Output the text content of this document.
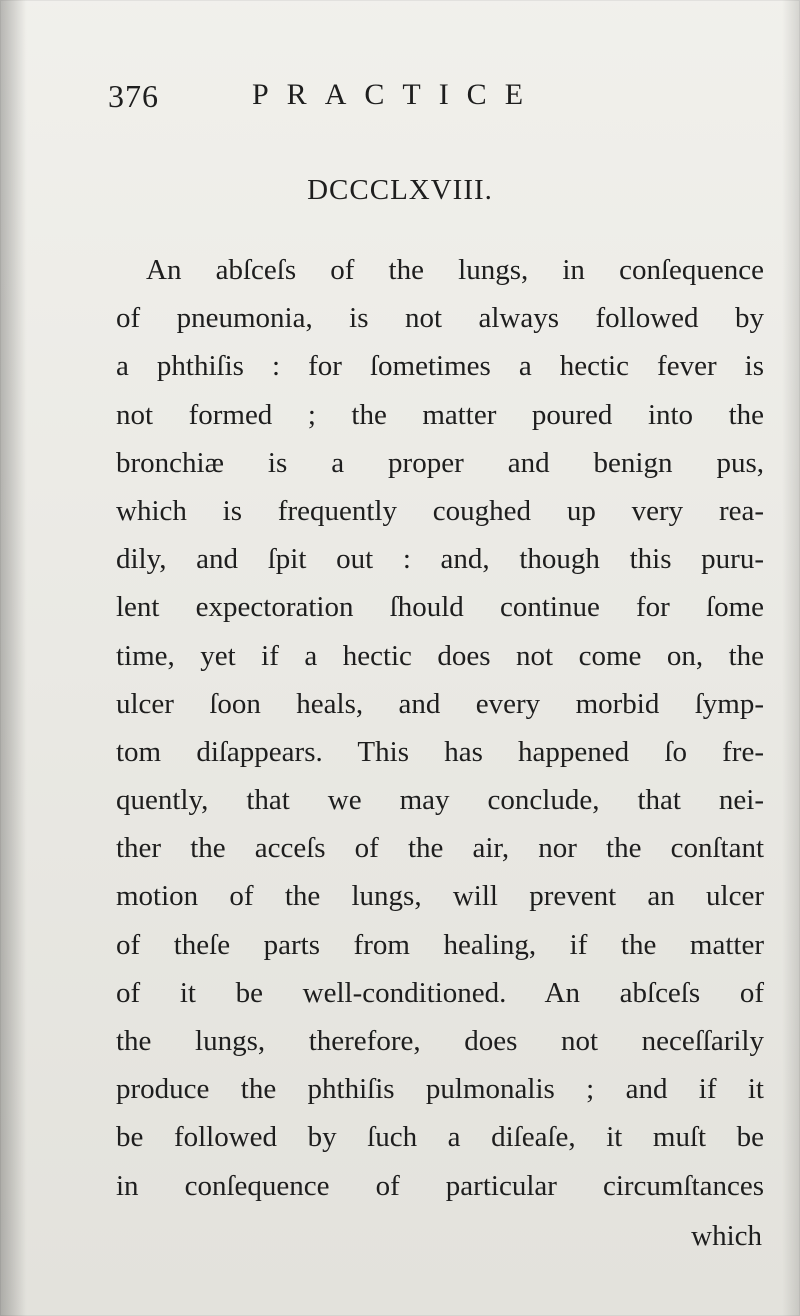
376	PRACTICE
DCCCLXVIII.
An abſceſs of the lungs, in conſequence
of pneumonia, is not always followed by
a phthiſis : for ſometimes a hectic fever is
not formed ; the matter poured into the
bronchiæ is a proper and benign pus,
which is frequently coughed up very rea-
dily, and ſpit out : and, though this puru-
lent expectoration ſhould continue for ſome
time, yet if a hectic does not come on, the
ulcer ſoon heals, and every morbid ſymp-
tom diſappears. This has happened ſo fre-
quently, that we may conclude, that nei-
ther the acceſs of the air, nor the conſtant
motion of the lungs, will prevent an ulcer
of theſe parts from healing, if the matter
of it be well-conditioned. An abſceſs of
the lungs, therefore, does not neceſſarily
produce the phthiſis pulmonalis ; and if it
be followed by ſuch a diſeaſe, it muſt be
in conſequence of particular circumſtances
which
